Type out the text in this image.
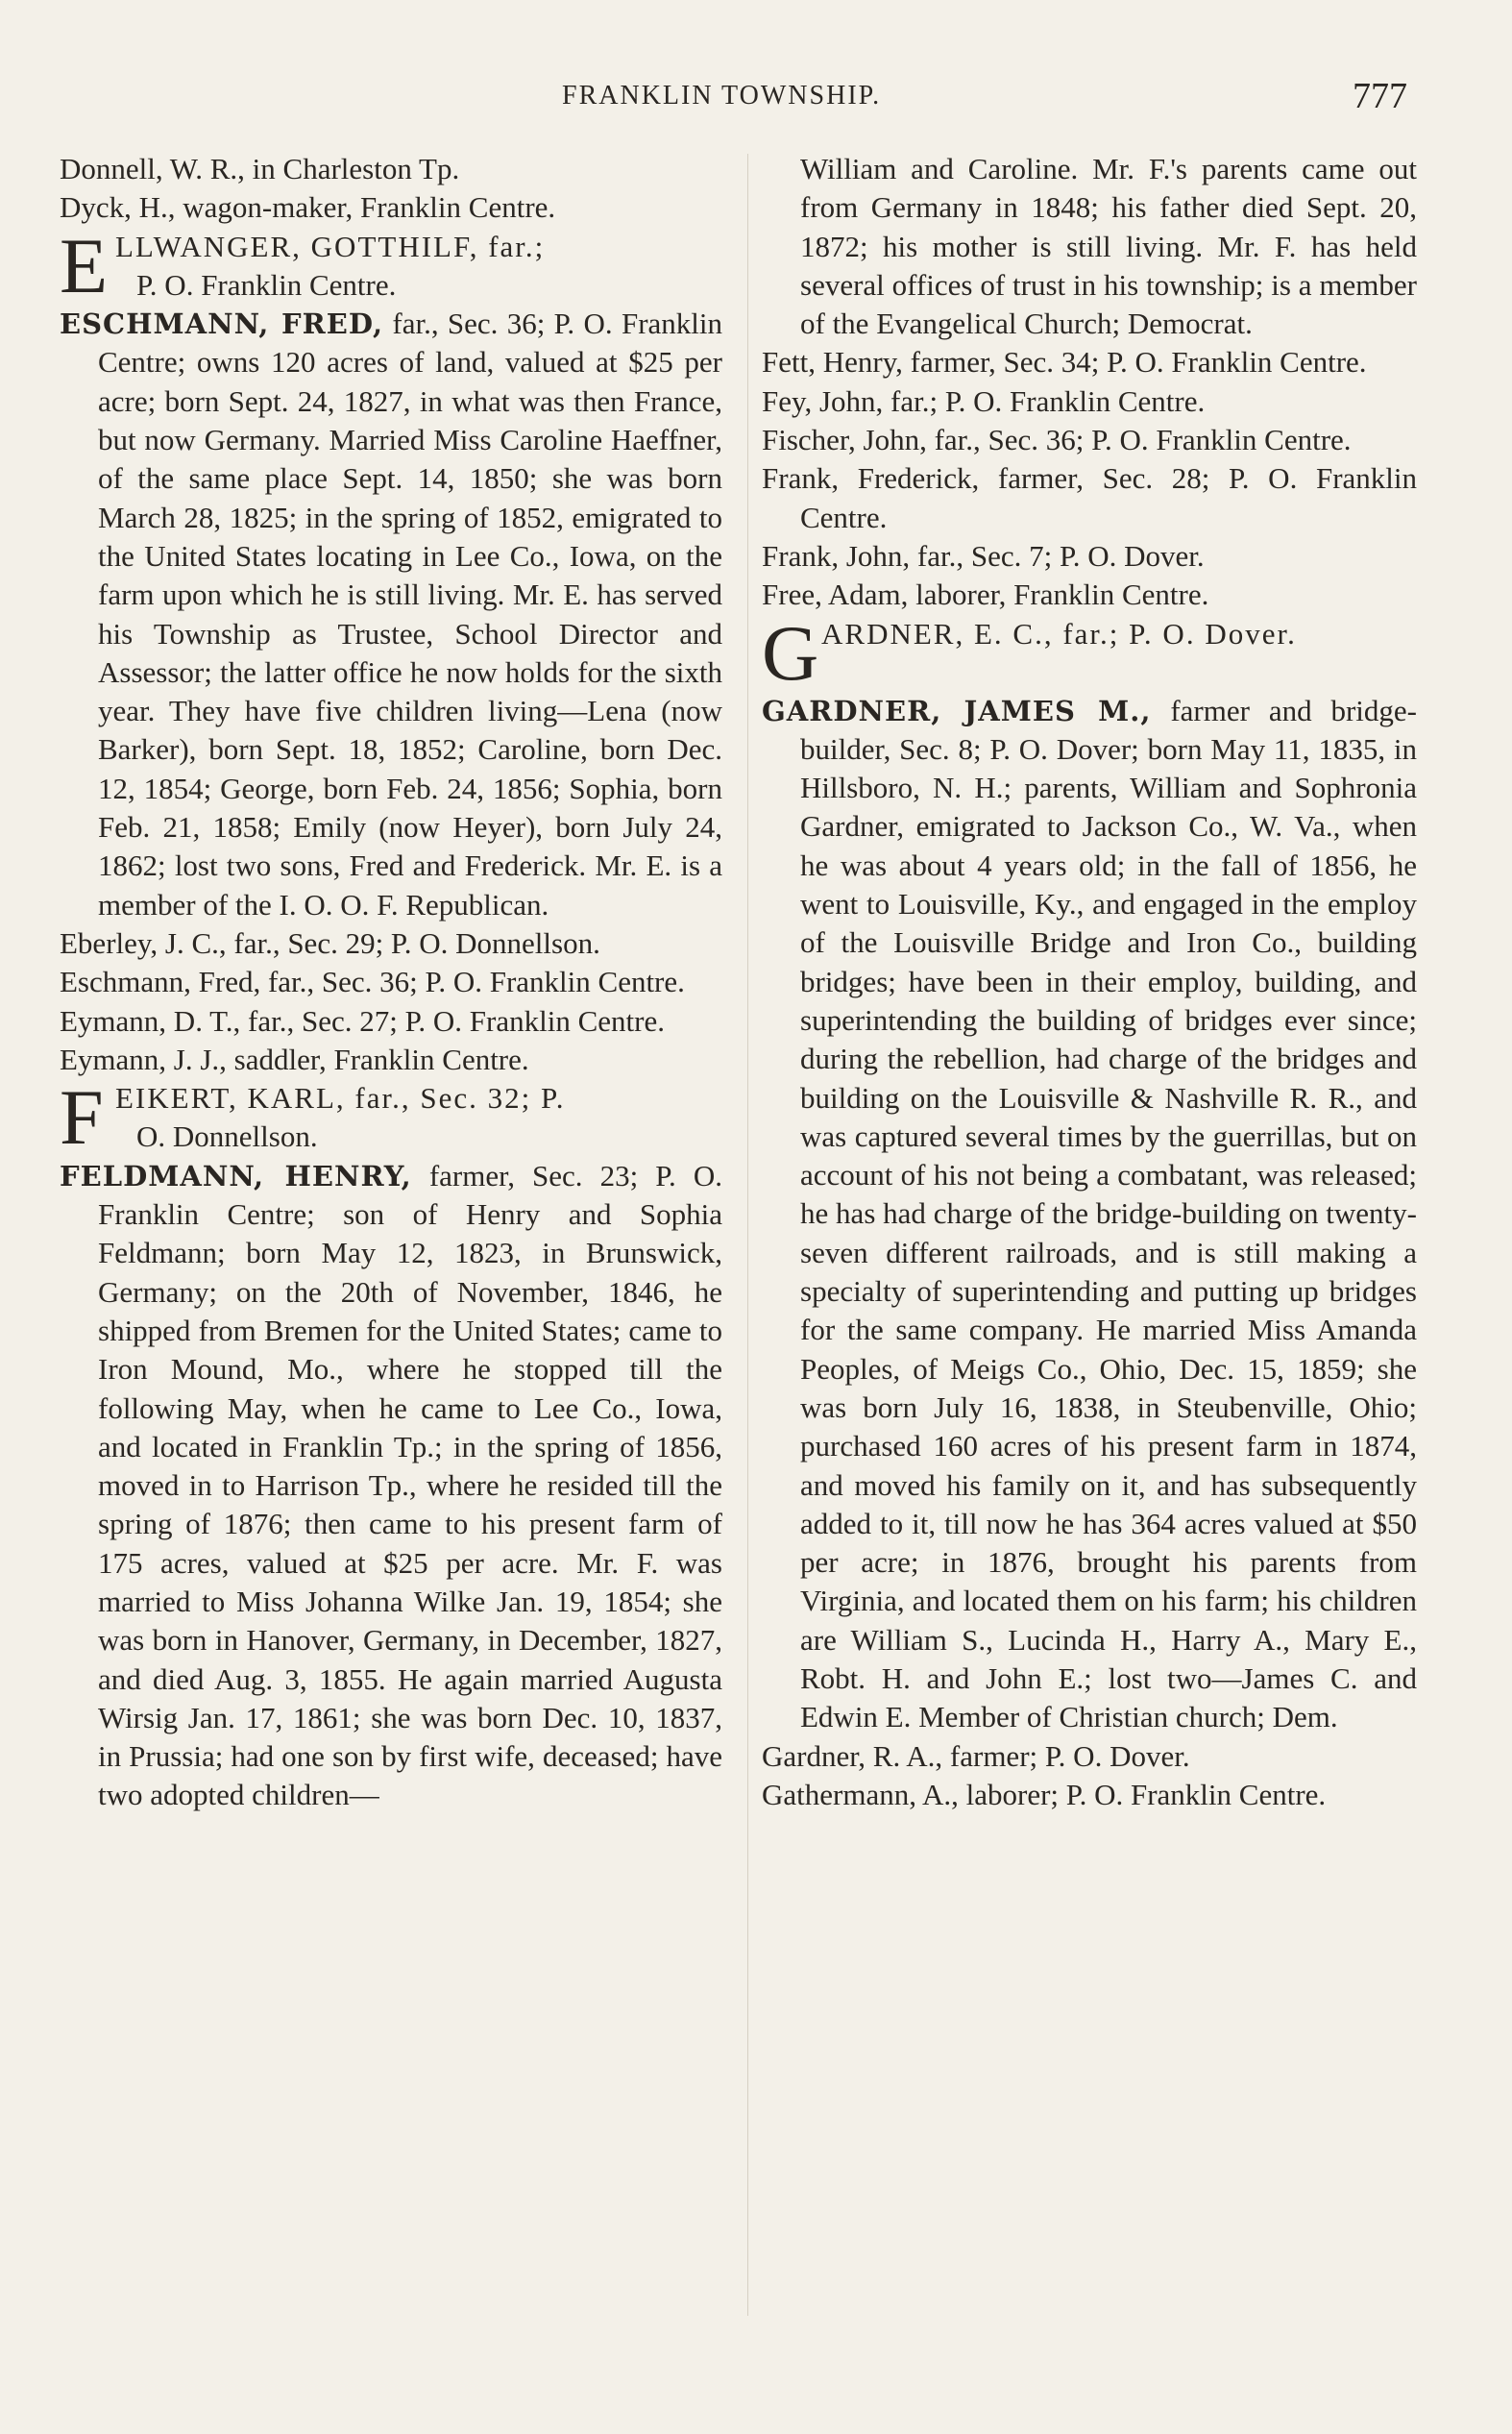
FRANKLIN TOWNSHIP.	777

Donnell, W. R., in Charleston Tp.

Dyck, H., wagon-maker, Franklin Centre.

E LLWANGER, GOTTHILF, far.;
P. O. Franklin Centre.

ESCHMANN, FRED, far., Sec. 36; P. O. Franklin Centre; owns 120 acres of land, valued at $25 per acre; born Sept. 24, 1827, in what was then France, but now Germany. Married Miss Caroline Haeffner, of the same place Sept. 14, 1850; she was born March 28, 1825; in the spring of 1852, emigrated to the United States locating in Lee Co., Iowa, on the farm upon which he is still living. Mr. E. has served his Township as Trustee, School Director and Assessor; the latter office he now holds for the sixth year. They have five children living—Lena (now Barker), born Sept. 18, 1852; Caroline, born Dec. 12, 1854; George, born Feb. 24, 1856; Sophia, born Feb. 21, 1858; Emily (now Heyer), born July 24, 1862; lost two sons, Fred and Frederick. Mr. E. is a member of the I. O. O. F. Republican.

Eberley, J. C., far., Sec. 29; P. O. Donnellson.

Eschmann, Fred, far., Sec. 36; P. O. Franklin Centre.

Eymann, D. T., far., Sec. 27; P. O. Franklin Centre.

Eymann, J. J., saddler, Franklin Centre.

F EIKERT, KARL, far., Sec. 32; P.
O. Donnellson.

FELDMANN, HENRY, farmer, Sec. 23; P. O. Franklin Centre; son of Henry and Sophia Feldmann; born May 12, 1823, in Brunswick, Germany; on the 20th of November, 1846, he shipped from Bremen for the United States; came to Iron Mound, Mo., where he stopped till the following May, when he came to Lee Co., Iowa, and located in Franklin Tp.; in the spring of 1856, moved in to Harrison Tp., where he resided till the spring of 1876; then came to his present farm of 175 acres, valued at $25 per acre. Mr. F. was married to Miss Johanna Wilke Jan. 19, 1854; she was born in Hanover, Germany, in December, 1827, and died Aug. 3, 1855. He again married Augusta Wirsig Jan. 17, 1861; she was born Dec. 10, 1837, in Prussia; had one son by first wife, deceased; have two adopted children—

William and Caroline. Mr. F.'s parents came out from Germany in 1848; his father died Sept. 20, 1872; his mother is still living. Mr. F. has held several offices of trust in his township; is a member of the Evangelical Church; Democrat.

Fett, Henry, farmer, Sec. 34; P. O. Franklin Centre.

Fey, John, far.; P. O. Franklin Centre.

Fischer, John, far., Sec. 36; P. O. Franklin Centre.

Frank, Frederick, farmer, Sec. 28; P. O. Franklin Centre.

Frank, John, far., Sec. 7; P. O. Dover.

Free, Adam, laborer, Franklin Centre.

G ARDNER, E. C., far.; P. O. Dover.

GARDNER, JAMES M., farmer and bridge-builder, Sec. 8; P. O. Dover; born May 11, 1835, in Hillsboro, N. H.; parents, William and Sophronia Gardner, emigrated to Jackson Co., W. Va., when he was about 4 years old; in the fall of 1856, he went to Louisville, Ky., and engaged in the employ of the Louisville Bridge and Iron Co., building bridges; have been in their employ, building, and superintending the building of bridges ever since; during the rebellion, had charge of the bridges and building on the Louisville & Nashville R. R., and was captured several times by the guerrillas, but on account of his not being a combatant, was released; he has had charge of the bridge-building on twenty-seven different railroads, and is still making a specialty of superintending and putting up bridges for the same company. He married Miss Amanda Peoples, of Meigs Co., Ohio, Dec. 15, 1859; she was born July 16, 1838, in Steubenville, Ohio; purchased 160 acres of his present farm in 1874, and moved his family on it, and has subsequently added to it, till now he has 364 acres valued at $50 per acre; in 1876, brought his parents from Virginia, and located them on his farm; his children are William S., Lucinda H., Harry A., Mary E., Robt. H. and John E.; lost two—James C. and Edwin E. Member of Christian church; Dem.

Gardner, R. A., farmer; P. O. Dover.

Gathermann, A., laborer; P. O. Franklin Centre.
